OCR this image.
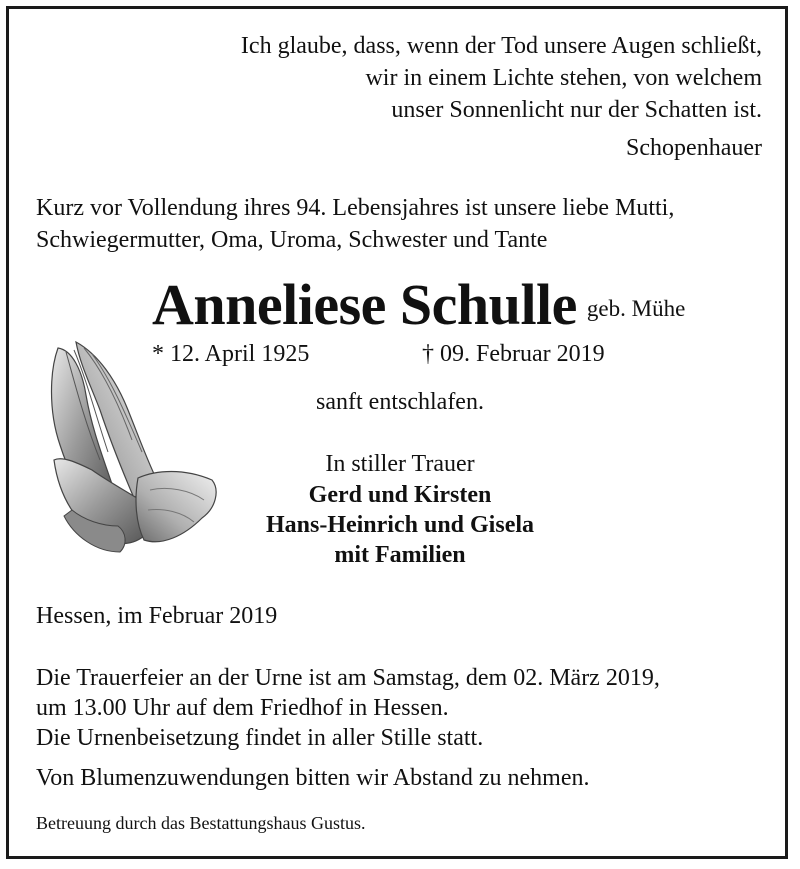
Ich glaube, dass, wenn der Tod unsere Augen schließt,
wir in einem Lichte stehen, von welchem
unser Sonnenlicht nur der Schatten ist.
Schopenhauer
Kurz vor Vollendung ihres 94. Lebensjahres ist unsere liebe Mutti,
Schwiegermutter, Oma, Uroma, Schwester und Tante
Anneliese Schulle geb. Mühe
* 12. April 1925	† 09. Februar 2019
sanft entschlafen.
In stiller Trauer
Gerd und Kirsten
Hans-Heinrich und Gisela
mit Familien
Hessen, im Februar 2019
Die Trauerfeier an der Urne ist am Samstag, dem 02. März 2019,
um 13.00 Uhr auf dem Friedhof in Hessen.
Die Urnenbeisetzung findet in aller Stille statt.
Von Blumenzuwendungen bitten wir Abstand zu nehmen.
Betreuung durch das Bestattungshaus Gustus.
